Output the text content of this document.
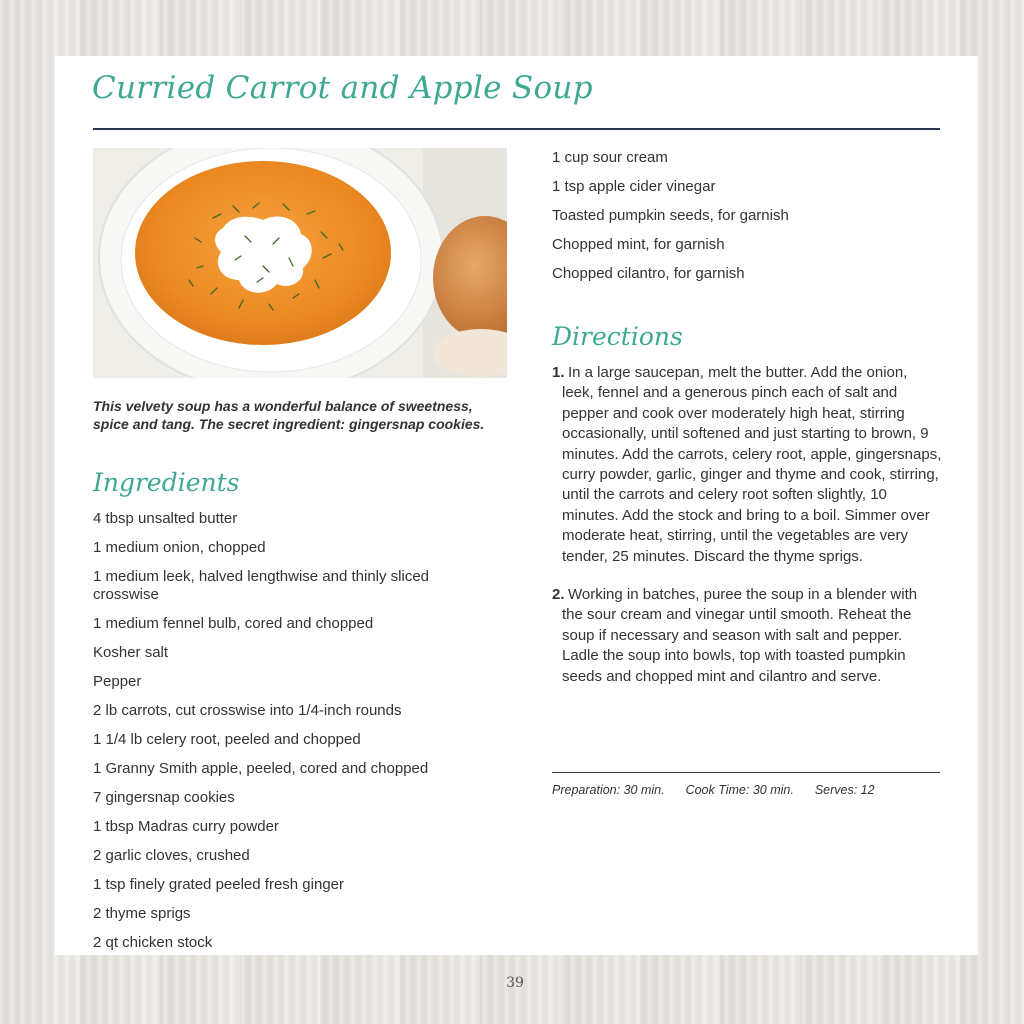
Curried Carrot and Apple Soup

This velvety soup has a wonderful balance of sweetness, spice and tang. The secret ingredient: gingersnap cookies.

Ingredients
4 tbsp unsalted butter
1 medium onion, chopped
1 medium leek, halved lengthwise and thinly sliced crosswise
1 medium fennel bulb, cored and chopped
Kosher salt
Pepper
2 lb carrots, cut crosswise into 1/4-inch rounds
1 1/4 lb celery root, peeled and chopped
1 Granny Smith apple, peeled, cored and chopped
7 gingersnap cookies
1 tbsp Madras curry powder
2 garlic cloves, crushed
1 tsp finely grated peeled fresh ginger
2 thyme sprigs
2 qt chicken stock
1 cup sour cream
1 tsp apple cider vinegar
Toasted pumpkin seeds, for garnish
Chopped mint, for garnish
Chopped cilantro, for garnish
Directions
1. In a large saucepan, melt the butter. Add the onion, leek, fennel and a generous pinch each of salt and pepper and cook over moderately high heat, stirring occasionally, until softened and just starting to brown, 9 minutes. Add the carrots, celery root, apple, gingersnaps, curry powder, garlic, ginger and thyme and cook, stirring, until the carrots and celery root soften slightly, 10 minutes. Add the stock and bring to a boil. Simmer over moderate heat, stirring, until the vegetables are very tender, 25 minutes. Discard the thyme sprigs.
2. Working in batches, puree the soup in a blender with the sour cream and vinegar until smooth. Reheat the soup if necessary and season with salt and pepper. Ladle the soup into bowls, top with toasted pumpkin seeds and chopped mint and cilantro and serve.
Preparation: 30 min. Cook Time: 30 min. Serves: 12
39
